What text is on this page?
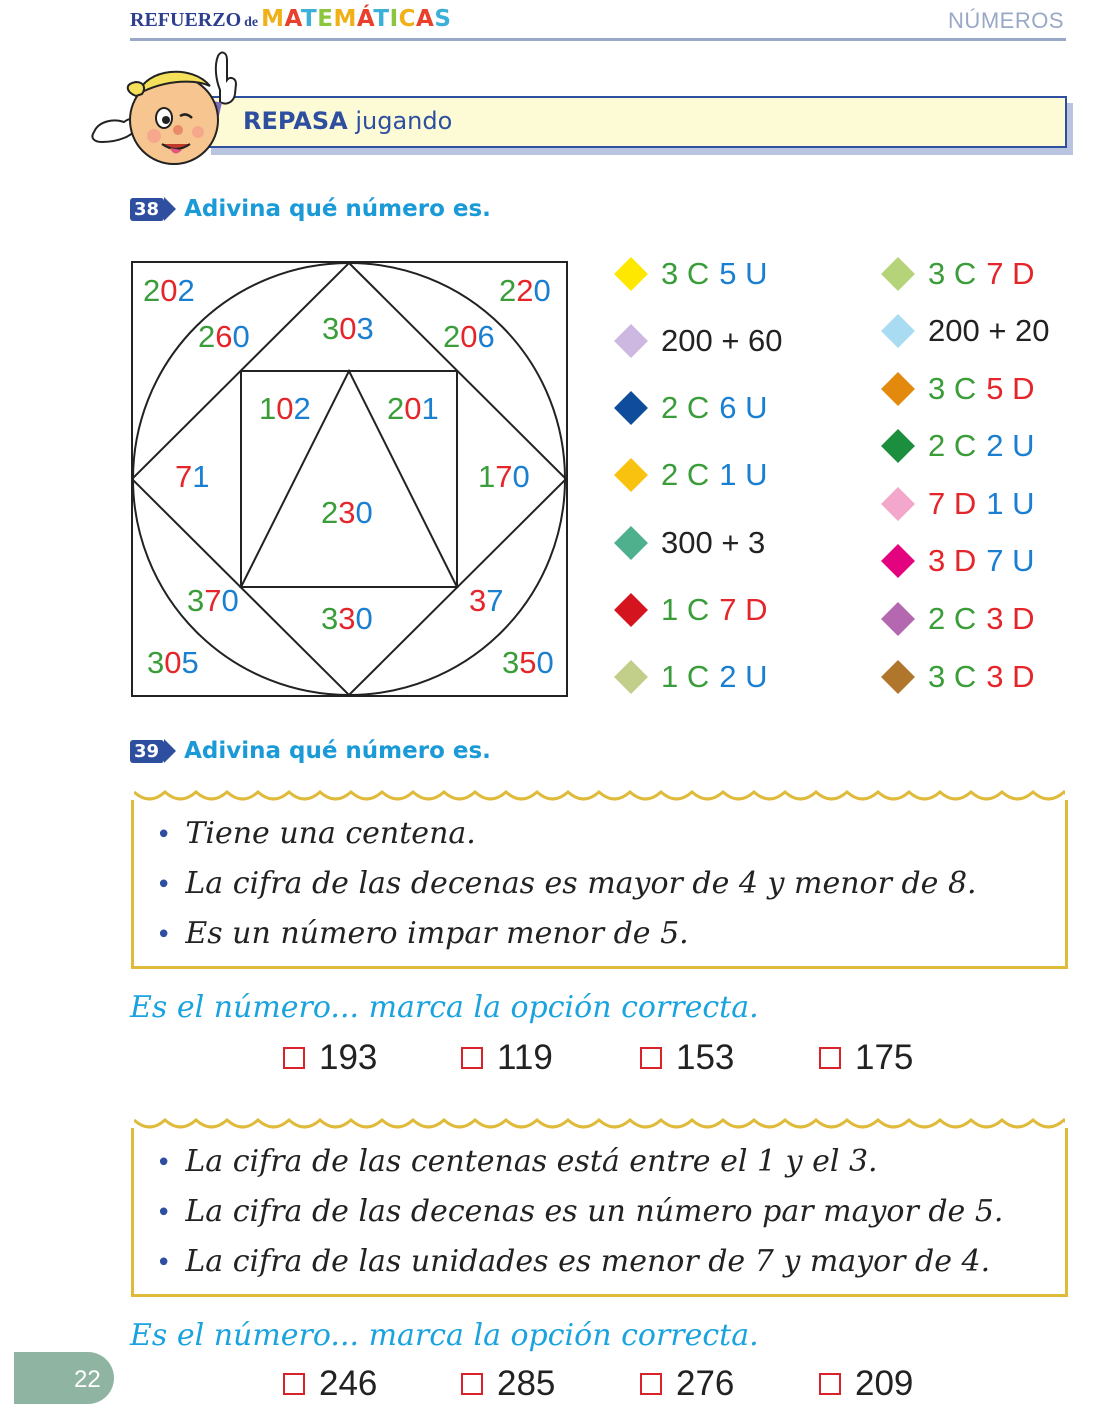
REFUERZO de MATEMÁTICAS	NÚMEROS
REPASA jugando
38 Adivina qué número es.
202	220
260 303 206
102 201
71	170
230
370
330
37
305	350
3 C 5 U
200 + 60
2 C 6 U
2 C 1 U
300 + 3
1 C 7 D
1 C 2 U
3 C 7 D
200 + 20
3 C 5 D
2 C 2 U
7 D 1 U
3 D 7 U
2 C 3 D
3 C 3 D
39 Adivina qué número es.
• Tiene una centena.
• La cifra de las decenas es mayor de 4 y menor de 8.
• Es un número impar menor de 5.
Es el número... marca la opción correcta.
193	119	153	175
• La cifra de las centenas está entre el 1 y el 3.
• La cifra de las decenas es un número par mayor de 5.
• La cifra de las unidades es menor de 7 y mayor de 4.
Es el número... marca la opción correcta.
246	285	276	209
22
